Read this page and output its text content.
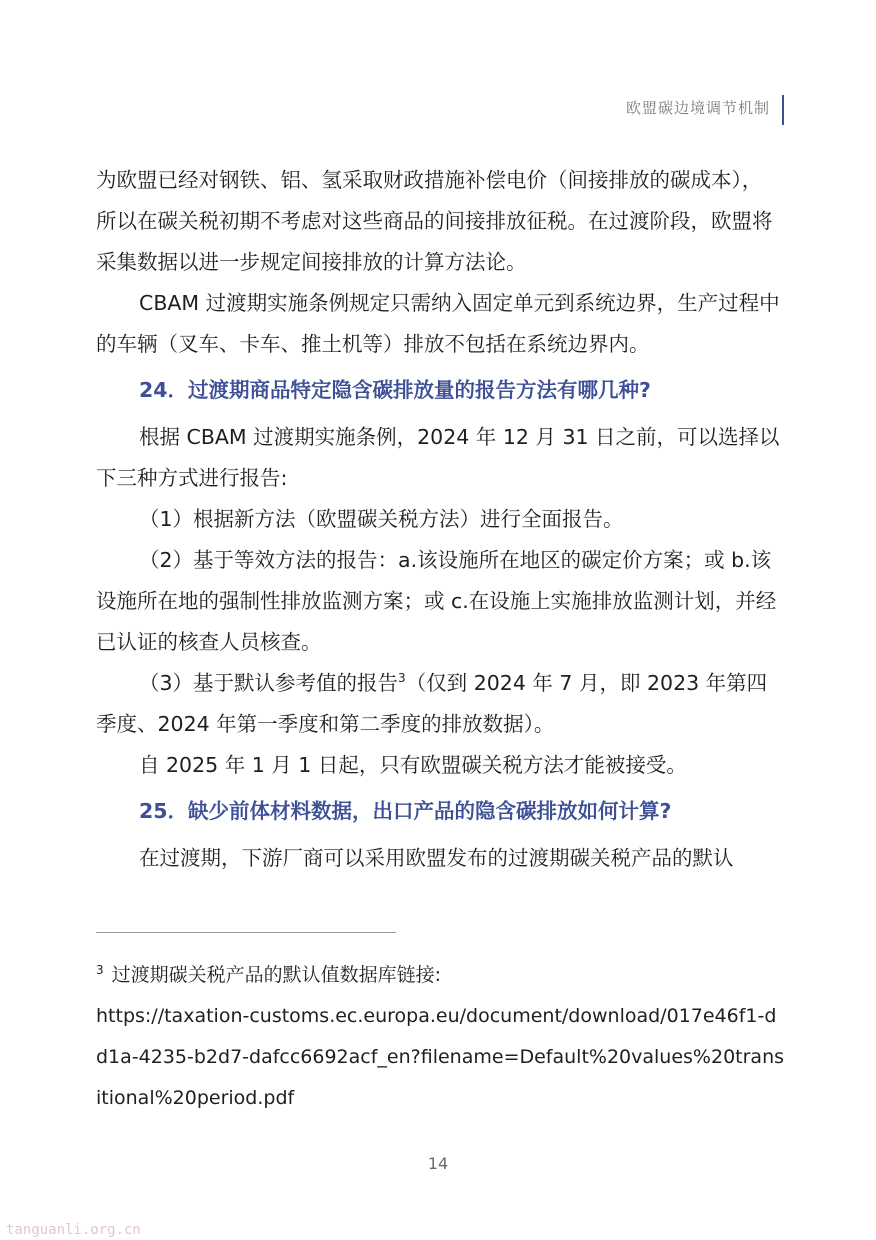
欧盟碳边境调节机制

为欧盟已经对钢铁、铝、氢采取财政措施补偿电价（间接排放的碳成本），所以在碳关税初期不考虑对这些商品的间接排放征税。在过渡阶段，欧盟将采集数据以进一步规定间接排放的计算方法论。

CBAM 过渡期实施条例规定只需纳入固定单元到系统边界，生产过程中的车辆（叉车、卡车、推土机等）排放不包括在系统边界内。

24．过渡期商品特定隐含碳排放量的报告方法有哪几种?

根据 CBAM 过渡期实施条例，2024 年 12 月 31 日之前，可以选择以下三种方式进行报告:

（1）根据新方法（欧盟碳关税方法）进行全面报告。

（2）基于等效方法的报告：a.该设施所在地区的碳定价方案；或 b.该设施所在地的强制性排放监测方案；或 c.在设施上实施排放监测计划，并经已认证的核查人员核查。

（3）基于默认参考值的报告$^3$（仅到 2024 年 7 月，即 2023 年第四季度、2024 年第一季度和第二季度的排放数据）。

自 2025 年 1 月 1 日起，只有欧盟碳关税方法才能被接受。

25．缺少前体材料数据，出口产品的隐含碳排放如何计算?

在过渡期，下游厂商可以采用欧盟发布的过渡期碳关税产品的默认

$^3$ 过渡期碳关税产品的默认值数据库链接:
https://taxation-customs.ec.europa.eu/document/download/017e46f1-dd1a-4235-b2d7-dafcc6692acf_en?filename=Default%20values%20transitional%20period.pdf
14
tanguanli.org.cn
